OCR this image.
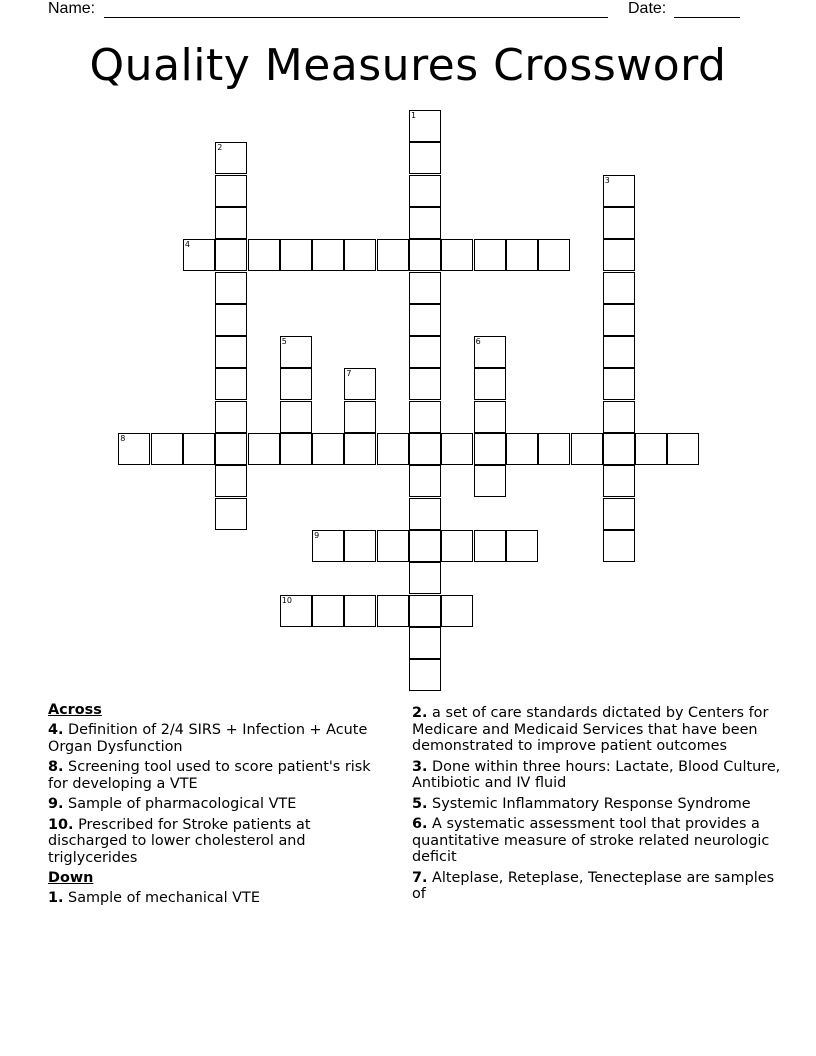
Name:	Date:
Quality Measures Crossword
4
8
9
10
1
2
3
5	6
7
Across
4. Definition of 2/4 SIRS + Infection + Acute Organ Dysfunction
8. Screening tool used to score patient's risk for developing a VTE
9. Sample of pharmacological VTE
10. Prescribed for Stroke patients at discharged to lower cholesterol and triglycerides
Down
1. Sample of mechanical VTE
2. a set of care standards dictated by Centers for Medicare and Medicaid Services that have been demonstrated to improve patient outcomes
3. Done within three hours: Lactate, Blood Culture, Antibiotic and IV fluid
5. Systemic Inflammatory Response Syndrome
6. A systematic assessment tool that provides a quantitative measure of stroke related neurologic deficit
7. Alteplase, Reteplase, Tenecteplase are samples of
